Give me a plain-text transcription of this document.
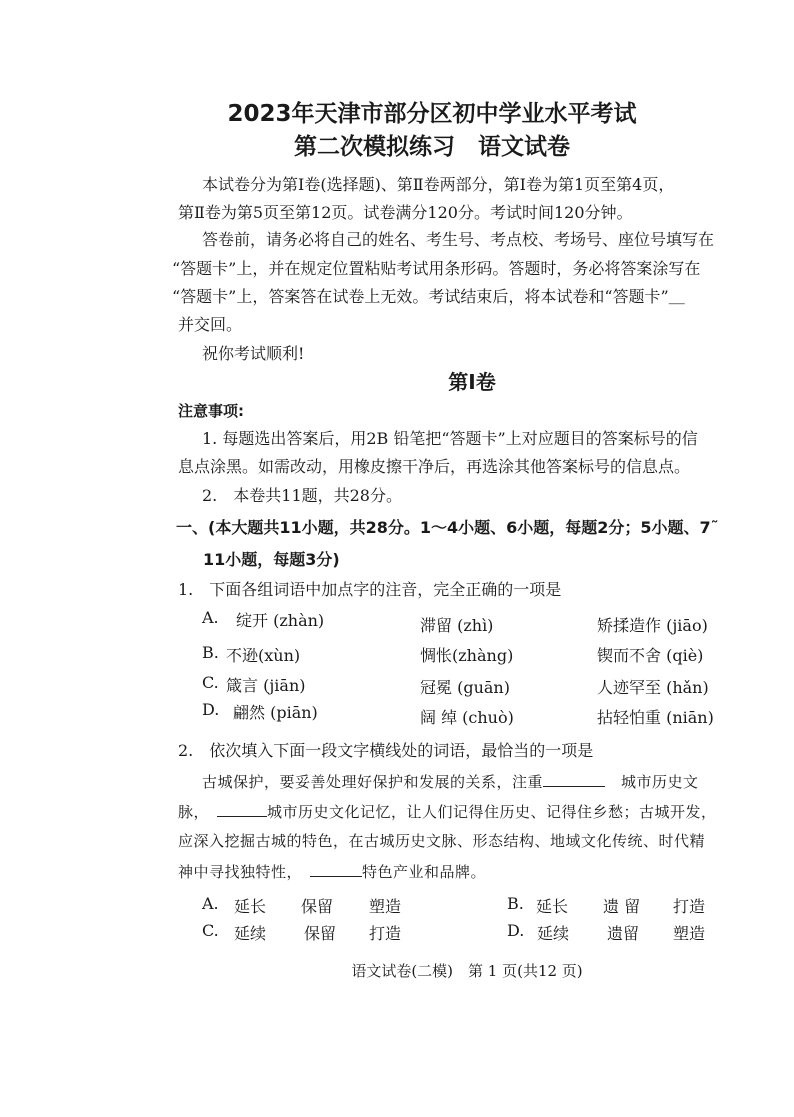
2023年天津市部分区初中学业水平考试
第二次模拟练习　语文试卷
本试卷分为第Ⅰ卷(选择题)、第Ⅱ卷两部分，第Ⅰ卷为第1页至第4页，
第Ⅱ卷为第5页至第12页。试卷满分120分。考试时间120分钟。
答卷前，请务必将自己的姓名、考生号、考点校、考场号、座位号填写在
“答题卡”上，并在规定位置粘贴考试用条形码。答题时，务必将答案涂写在
“答题卡”上，答案答在试卷上无效。考试结束后，将本试卷和“答题卡”＿
并交回。
祝你考试顺利!
第Ⅰ卷
注意事项:
1. 每题选出答案后，用2B 铅笔把“答题卡”上对应题目的答案标号的信
息点涂黑。如需改动，用橡皮擦干净后，再选涂其他答案标号的信息点。
2.　本卷共11题，共28分。
一、(本大题共11小题，共28分。1～4小题、6小题，每题2分；5小题、7˜
11小题，每题3分)
1.　下面各组词语中加点字的注音，完全正确的一项是
A. 绽开 (zhàn)	滞留 (zhì)	矫揉造作 (jiāo)
B. 不逊(xùn)	惆怅(zhàng)	锲而不舍 (qiè)
C. 箴言 (jiān)	冠冕 (guān)	人迹罕至 (hǎn)
D. 翩然 (piān)	阔 绰 (chuò)	拈轻怕重 (niān)
2.　依次填入下面一段文字横线处的词语，最恰当的一项是
古城保护，要妥善处理好保护和发展的关系，注重	城市历史文
脉，	城市历史文化记忆，让人们记得住历史、记得住乡愁；古城开发，
应深入挖掘古城的特色，在古城历史文脉、形态结构、地域文化传统、时代精
神中寻找独特性，	特色产业和品牌。
A. 延长 保留 塑造	B. 延长 遗 留 打造
C. 延续 保留 打造	D. 延续 遗留 塑造
语文试卷(二模)　第 1 页(共12 页)
